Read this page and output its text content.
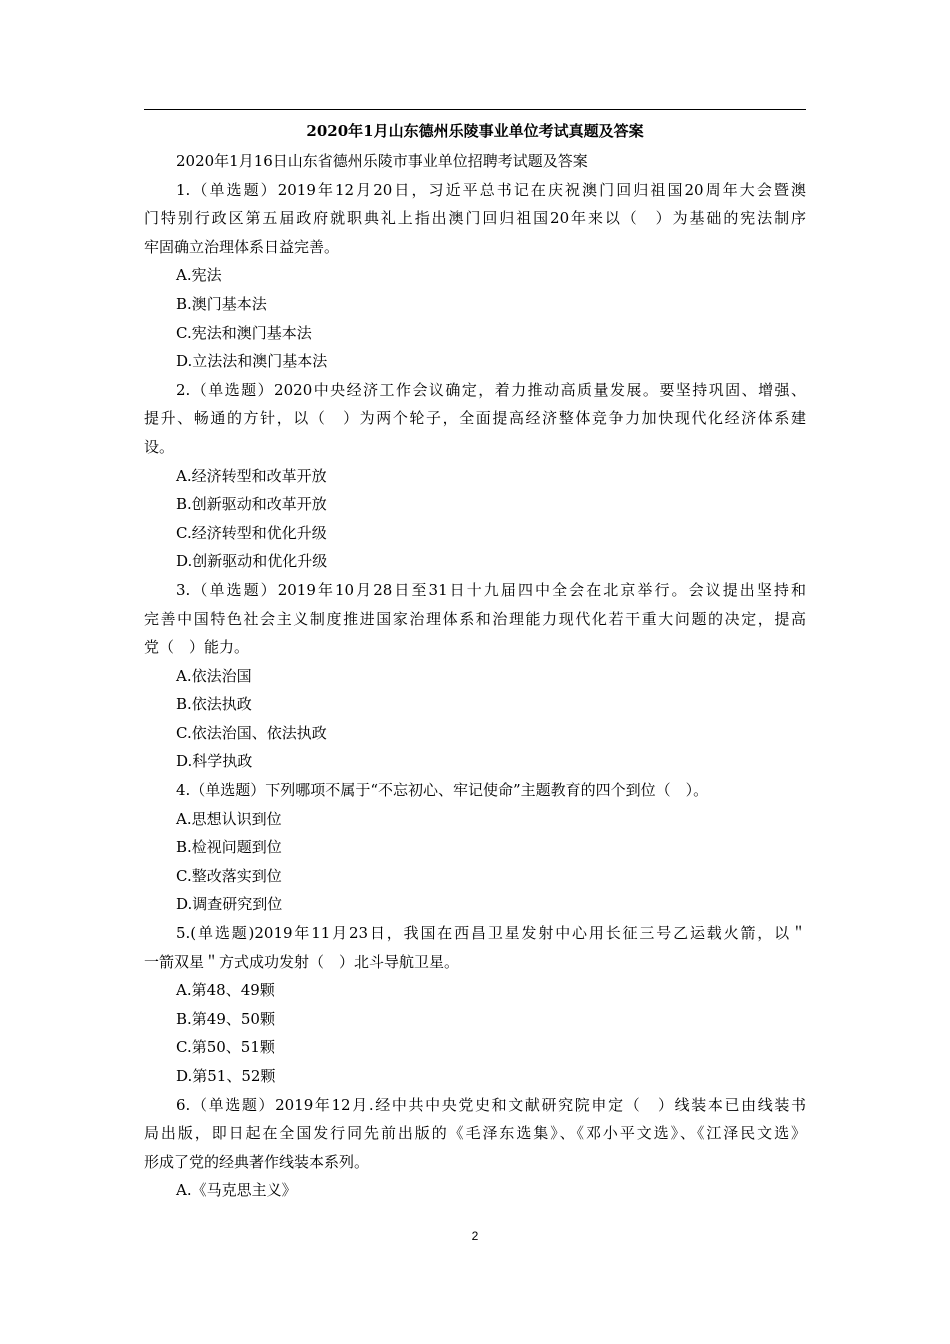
2020年1月山东德州乐陵事业单位考试真题及答案
2020年1月16日山东省德州乐陵市事业单位招聘考试题及答案
1.（单选题）2019年12月20日，习近平总书记在庆祝澳门回归祖国20周年大会暨澳
门特别行政区第五届政府就职典礼上指出澳门回归祖国20年来以（　）为基础的宪法制序
牢固确立治理体系日益完善。
A.宪法
B.澳门基本法
C.宪法和澳门基本法
D.立法法和澳门基本法
2.（单选题）2020中央经济工作会议确定，着力推动高质量发展。要坚持巩固、增强、
提升、畅通的方针，以（　）为两个轮子，全面提高经济整体竞争力加快现代化经济体系建
设。
A.经济转型和改革开放
B.创新驱动和改革开放
C.经济转型和优化升级
D.创新驱动和优化升级
3.（单选题）2019年10月28日至31日十九届四中全会在北京举行。会议提出坚持和
完善中国特色社会主义制度推进国家治理体系和治理能力现代化若干重大问题的决定，提高
党（　）能力。
A.依法治国
B.依法执政
C.依法治国、依法执政
D.科学执政
4.（单选题）下列哪项不属于“不忘初心、牢记使命”主题教育的四个到位（　）。
A.思想认识到位
B.检视问题到位
C.整改落实到位
D.调查研究到位
5.(单选题)2019年11月23日，我国在西昌卫星发射中心用长征三号乙运载火箭，以＂
一箭双星＂方式成功发射（　）北斗导航卫星。
A.第48、49颗
B.第49、50颗
C.第50、51颗
D.第51、52颗
6.（单选题）2019年12月.经中共中央党史和文献研究院申定（　）线装本已由线装书
局出版，即日起在全国发行同先前出版的《毛泽东选集》、《邓小平文选》、《江泽民文选》
形成了党的经典著作线装本系列。
A.《马克思主义》
2
